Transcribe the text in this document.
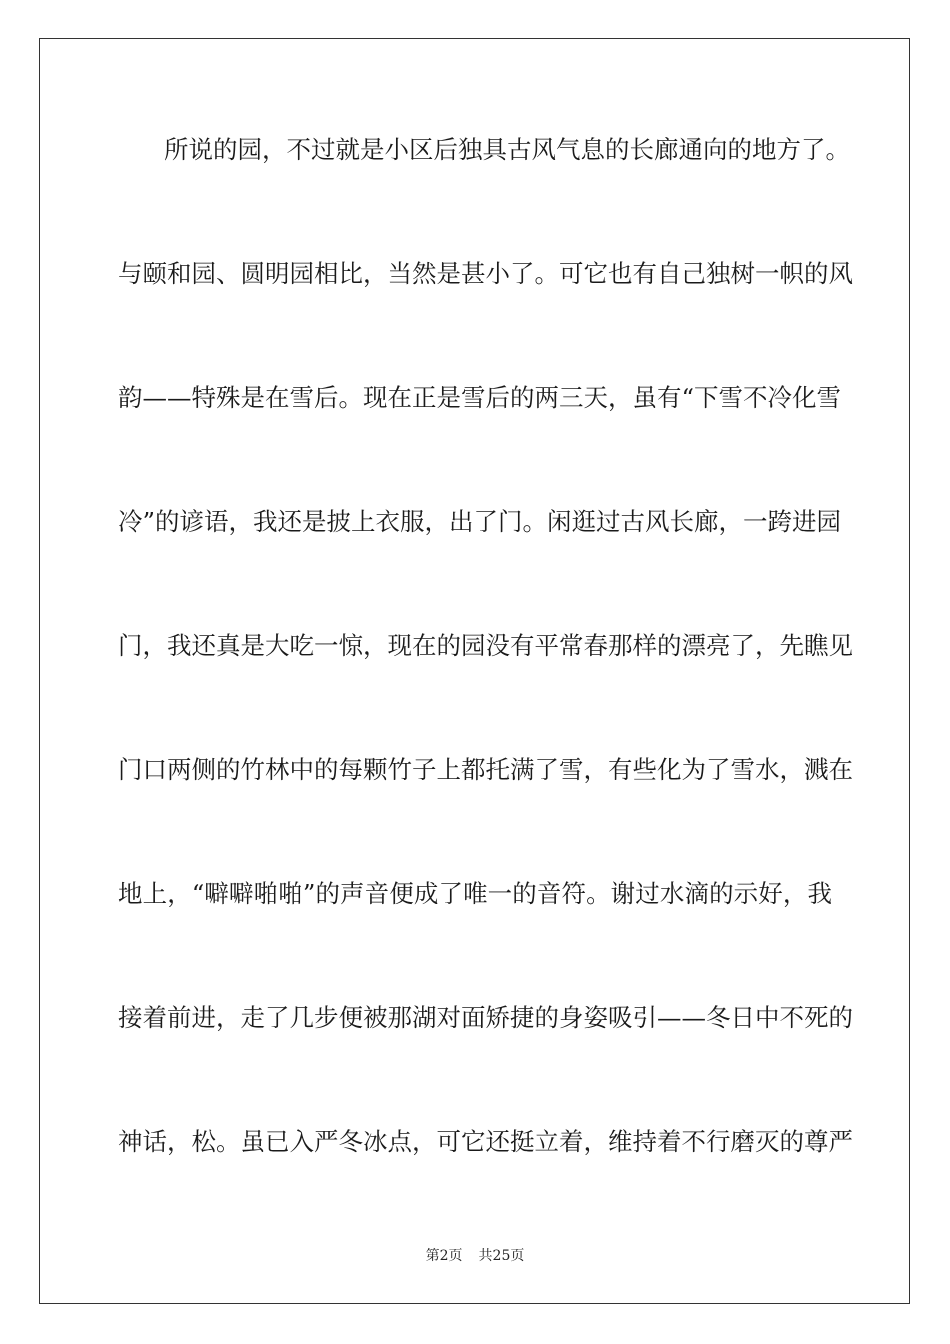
所说的园，不过就是小区后独具古风气息的长廊通向的地方了。
与颐和园、圆明园相比，当然是甚小了。可它也有自己独树一帜的风
韵——特殊是在雪后。现在正是雪后的两三天，虽有“下雪不冷化雪
冷”的谚语，我还是披上衣服，出了门。闲逛过古风长廊，一跨进园
门，我还真是大吃一惊，现在的园没有平常春那样的漂亮了，先瞧见
门口两侧的竹林中的每颗竹子上都托满了雪，有些化为了雪水，溅在
地上，“噼噼啪啪”的声音便成了唯一的音符。谢过水滴的示好，我
接着前进，走了几步便被那湖对面矫捷的身姿吸引——冬日中不死的
神话，松。虽已入严冬冰点，可它还挺立着，维持着不行磨灭的尊严
第2页 共25页
